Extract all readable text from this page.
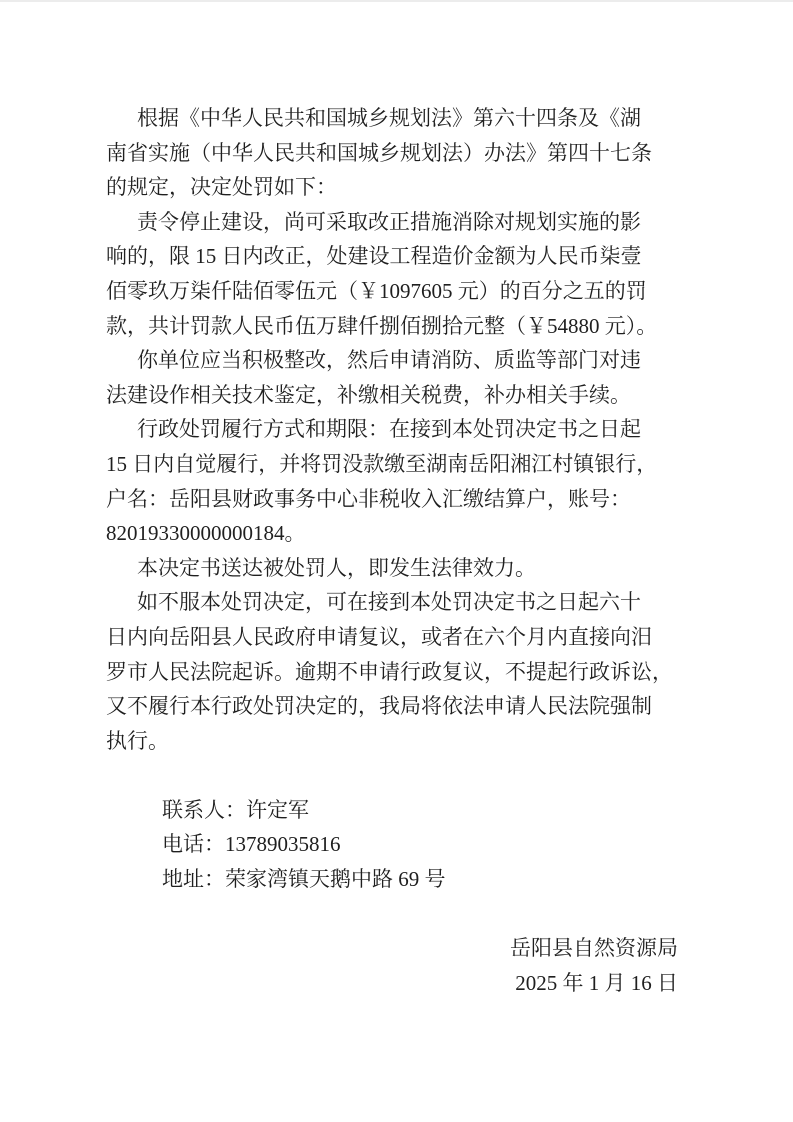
根据《中华人民共和国城乡规划法》第六十四条及《湖
南省实施（中华人民共和国城乡规划法）办法》第四十七条
的规定，决定处罚如下：
责令停止建设，尚可采取改正措施消除对规划实施的影
响的，限 15 日内改正，处建设工程造价金额为人民币柒壹
佰零玖万柒仟陆佰零伍元（￥1097605 元）的百分之五的罚
款，共计罚款人民币伍万肆仟捌佰捌拾元整（￥54880 元）。
你单位应当积极整改，然后申请消防、质监等部门对违
法建设作相关技术鉴定，补缴相关税费，补办相关手续。
行政处罚履行方式和期限：在接到本处罚决定书之日起
15 日内自觉履行，并将罚没款缴至湖南岳阳湘江村镇银行，
户名：岳阳县财政事务中心非税收入汇缴结算户，账号：
82019330000000184。
本决定书送达被处罚人，即发生法律效力。
如不服本处罚决定，可在接到本处罚决定书之日起六十
日内向岳阳县人民政府申请复议，或者在六个月内直接向汨
罗市人民法院起诉。逾期不申请行政复议，不提起行政诉讼，
又不履行本行政处罚决定的，我局将依法申请人民法院强制
执行。
联系人：许定军
电话：13789035816
地址：荣家湾镇天鹅中路 69 号
岳阳县自然资源局
2025 年 1 月 16 日
